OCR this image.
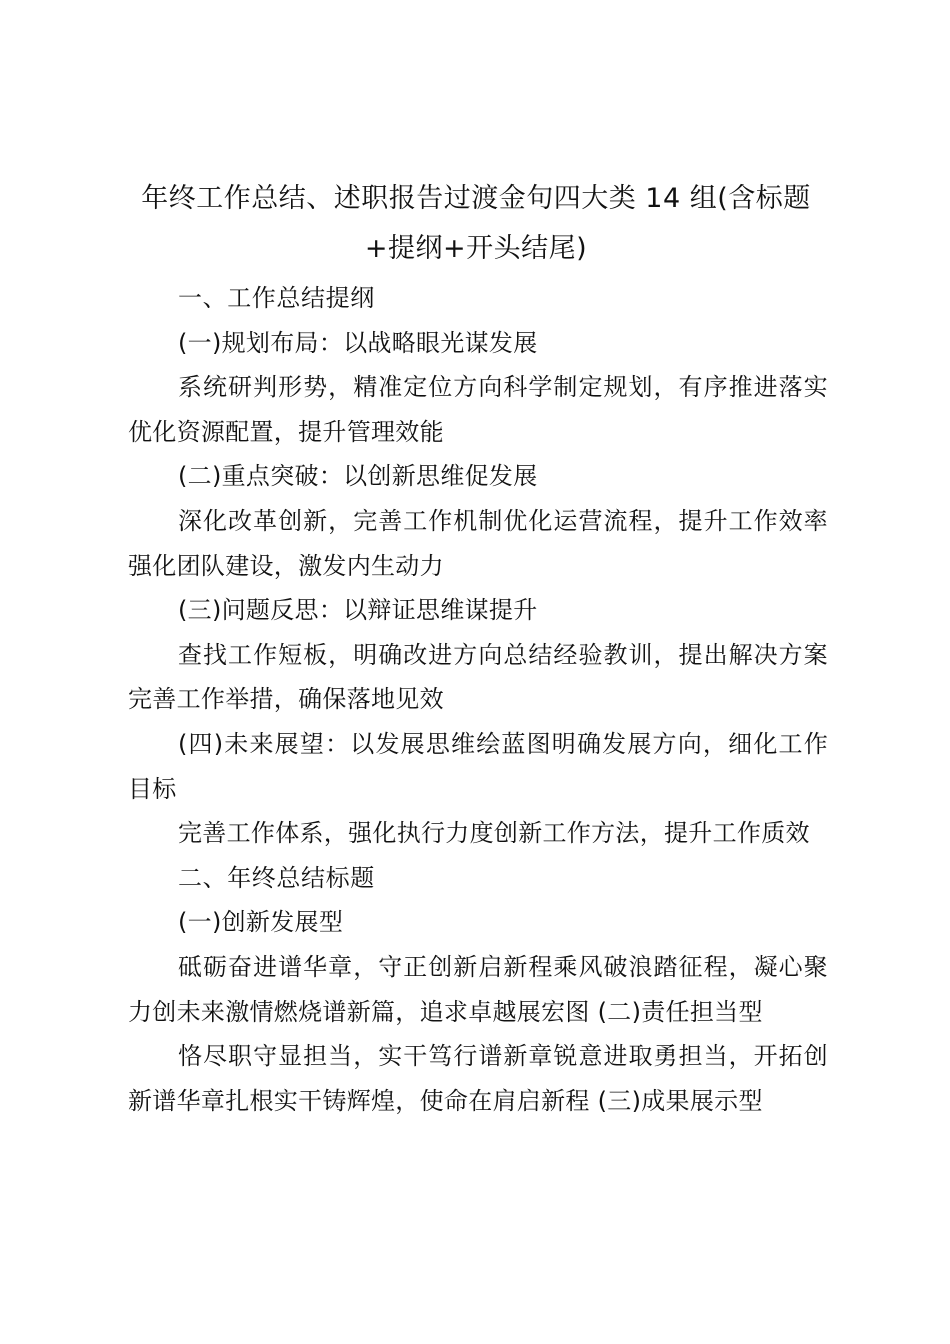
年终工作总结、述职报告过渡金句四大类 14 组(含标题+提纲+开头结尾)

一、工作总结提纲

(一)规划布局：以战略眼光谋发展

系统研判形势，精准定位方向科学制定规划，有序推进落实优化资源配置，提升管理效能

(二)重点突破：以创新思维促发展

深化改革创新，完善工作机制优化运营流程，提升工作效率强化团队建设，激发内生动力

(三)问题反思：以辩证思维谋提升

查找工作短板，明确改进方向总结经验教训，提出解决方案完善工作举措，确保落地见效

(四)未来展望：以发展思维绘蓝图明确发展方向，细化工作目标

完善工作体系，强化执行力度创新工作方法，提升工作质效

二、年终总结标题

(一)创新发展型

砥砺奋进谱华章，守正创新启新程乘风破浪踏征程，凝心聚力创未来激情燃烧谱新篇，追求卓越展宏图 (二)责任担当型

恪尽职守显担当，实干笃行谱新章锐意进取勇担当，开拓创新谱华章扎根实干铸辉煌，使命在肩启新程 (三)成果展示型
